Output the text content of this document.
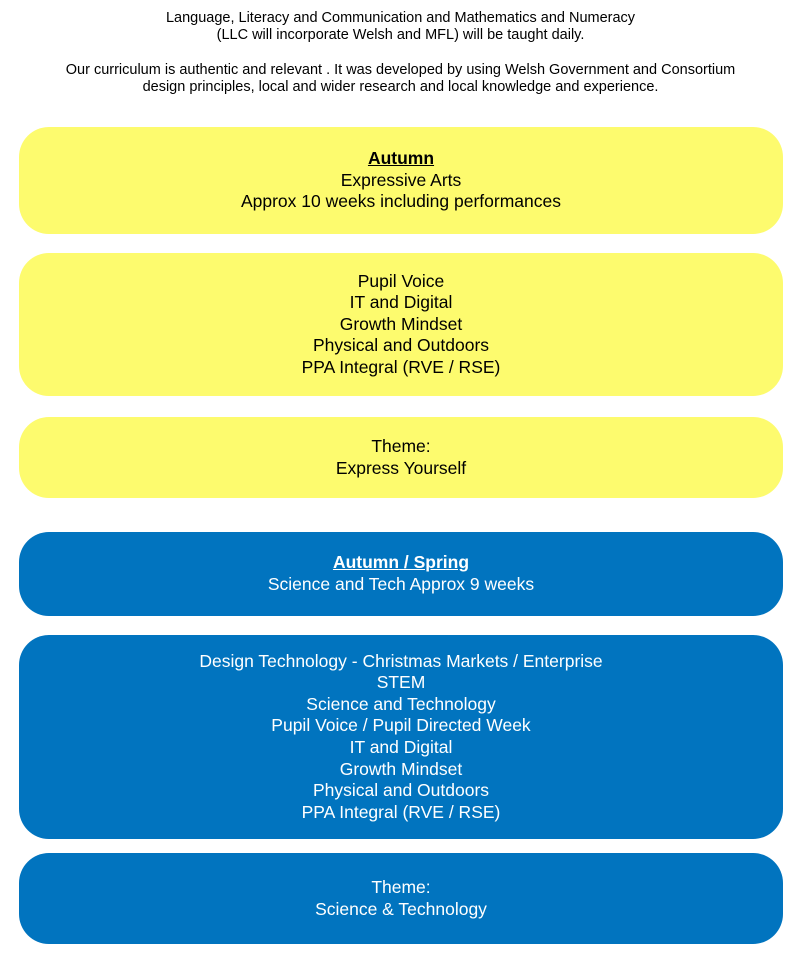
Language, Literacy and Communication and Mathematics and Numeracy

(LLC will incorporate Welsh and MFL) will be taught daily.

Our curriculum is authentic and relevant . It was developed by using Welsh Government and Consortium

design principles, local and wider research and local knowledge and experience.

Autumn
Expressive Arts
Approx 10 weeks including performances
Pupil Voice
IT and Digital
Growth Mindset
Physical and Outdoors
PPA Integral (RVE / RSE)
Theme:
Express Yourself
Autumn / Spring
Science and Tech Approx 9 weeks
Design Technology - Christmas Markets / Enterprise
STEM
Science and Technology
Pupil Voice / Pupil Directed Week
IT and Digital
Growth Mindset
Physical and Outdoors
PPA Integral (RVE / RSE)
Theme:
Science & Technology
